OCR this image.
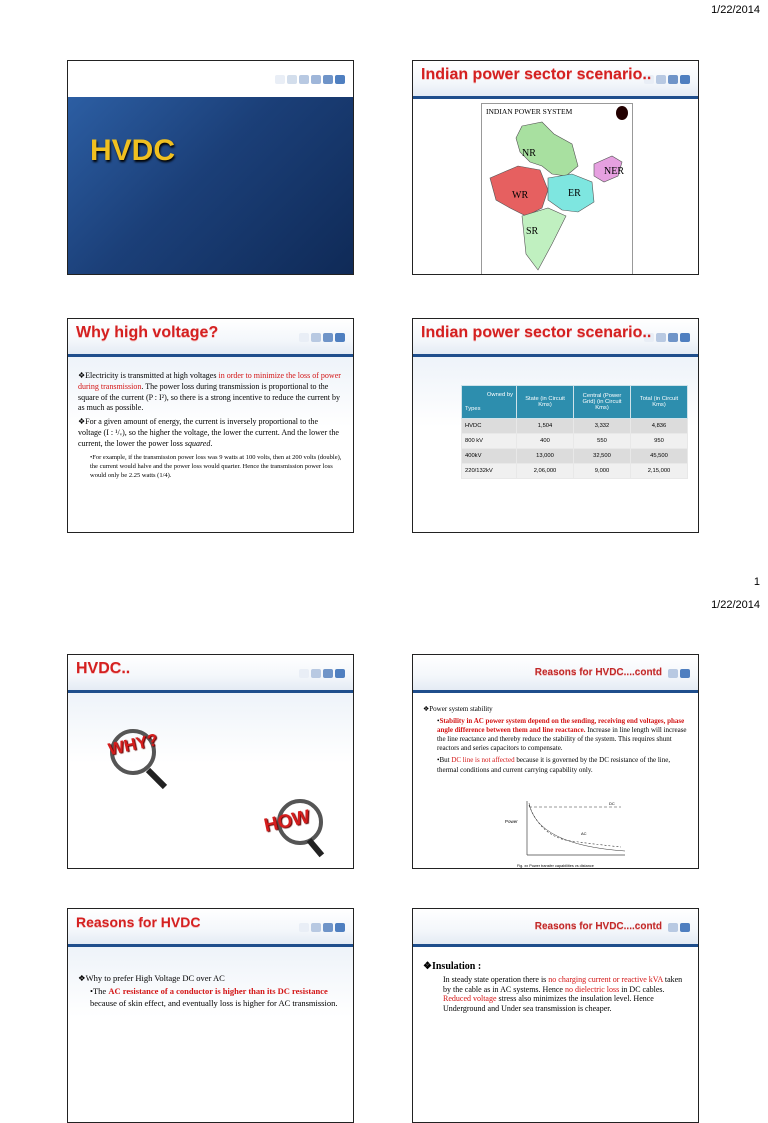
1/22/2014
1
1/22/2014
HVDC
Indian power sector scenario..
INDIAN POWER SYSTEM
NR
WR	ER
NER
SR
Why high voltage?
❖Electricity is transmitted at high voltages in order to minimize the loss of power during transmission. The power loss during transmission is proportional to the square of the current (P : I²), so there is a strong incentive to reduce the current by as much as possible.
❖For a given amount of energy, the current is inversely proportional to the voltage (I : ¹/ᵥ), so the higher the voltage, the lower the current. And the lower the current, the lower the power loss squared.
•For example, if the transmission power loss was 9 watts at 100 volts, then at 200 volts (double), the current would halve and the power loss would quarter. Hence the transmission power loss would only be 2.25 watts (1/4).
Indian power sector scenario..
Owned by
Types	State (in Circuit Kms)	Central (Power Grid) (in Circuit Kms)	Total (in Circuit Kms)
HVDC	1,504	3,332	4,836
800 kV	400	550	950
400kV	13,000	32,500	45,500
220/132kV	2,06,000	9,000	2,15,000
HVDC..
WHY?
HOW
Reasons for HVDC....contd
❖Power system stability
•Stability in AC power system depend on the sending, receiving end voltages, phase angle difference between them and line reactance. Increase in line length will increase the line reactance and thereby reduce the stability of the system. This requires shunt reactors and series capacitors to compensate.
•But DC line is not affected because it is governed by the DC resistance of the line, thermal conditions and current carrying capability only.
Power
DC
AC
Fig. xx Power transfer capabilities vs distance
Reasons for HVDC
❖Why to prefer High Voltage DC over AC
•The AC resistance of a conductor is higher than its DC resistance because of skin effect, and eventually loss is higher for AC transmission.
Reasons for HVDC....contd
❖Insulation :
In steady state operation there is no charging current or reactive kVA taken by the cable as in AC systems. Hence no dielectric loss in DC cables. Reduced voltage stress also minimizes the insulation level. Hence Underground and Under sea transmission is cheaper.
